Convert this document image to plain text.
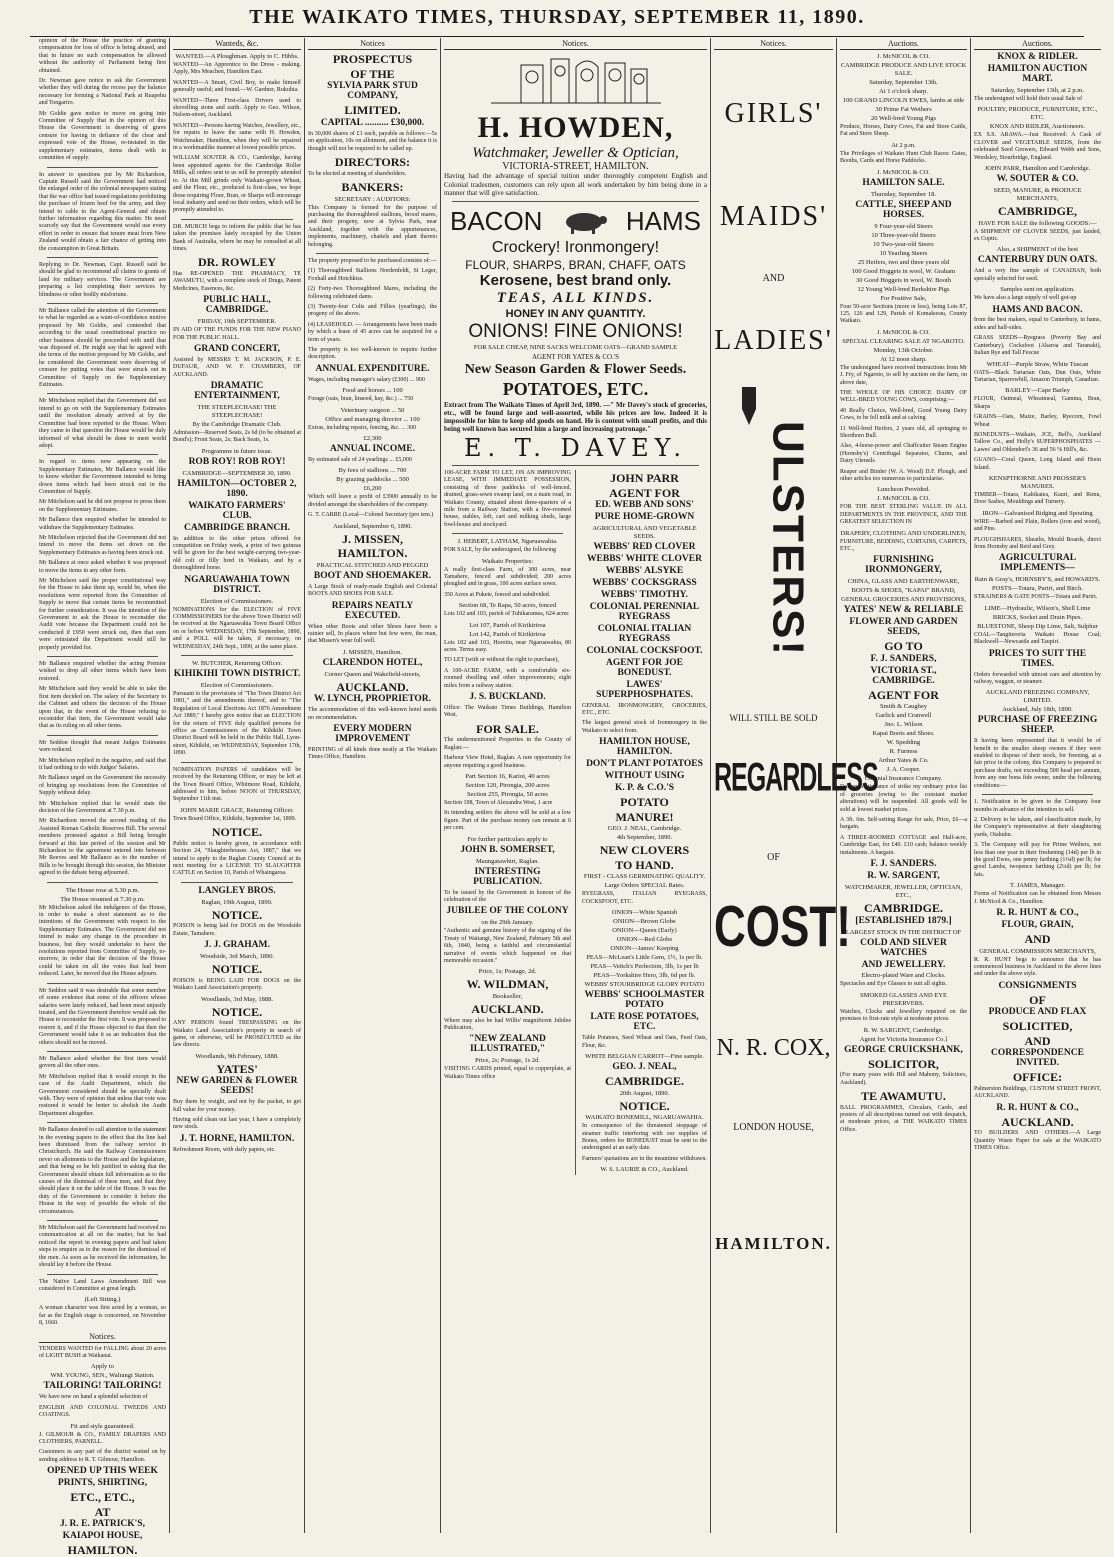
THE WAIKATO TIMES, THURSDAY, SEPTEMBER 11, 1890.

opinion of the House the practice of granting compensation for loss of office is being abused, and that in future no such compensation be allowed without the authority of Parliament being first obtained.

Dr. Newman gave notice to ask the Government whether they will during the recess pay the balance necessary for forming a National Park at Ruapehu and Tongariro.

Mr Goldie gave notice to move on going into Committee of Supply that in the opinion of this House the Government is deserving of grave censure for having in defiance of the clear and expressed vote of the House, re-instated in the supplementary estimates, items dealt with in committee of supply.

In answer to questions put by Mr Richardson, Captain Russell said the Government had noticed the enlarged order of the colonial newspapers stating that the war office had issued regulations prohibiting the purchase of frozen beef for the army, and they intend to cable to the Agent-General and obtain further information regarding this matter. He need scarcely say that the Government would use every effort in order to ensure that tenure meat from New Zealand would obtain a fair chance of getting into the consumption in Great Britain.

Replying to Dr. Newman, Capt. Russell said he should be glad to recommend all claims to grants of land for military services. The Government are preparing a list completing their services by blindness or other bodily misfortune.

Mr Ballance called the attention of the Government to what he regarded as a want-of-confidence motive proposed by Mr Goldie, and contended that according to the usual constitutional practice no other business should be proceeded with until that was disposed of. He might say that he agreed with the terms of the motion proposed by Mr Goldie, and he considered the Government were deserving of censure for putting votes that were struck out in Committee of Supply on the Supplementary Estimates.

Mr Mitchelson replied that the Government did not intend to go on with the Supplementary Estimates until the resolution already arrived at by the Committee had been reported to the House. When they came to that question the House would be duly informed of what should be done to meet world adopt.

In regard to items now appearing on the Supplementary Estimates, Mr Ballance would like to know whether the Government intended to bring down items which had been struck out in the Committee of Supply.

Mr Mitchelson said he did not propose to press them on the Supplementary Estimates.

Mr Ballance then enquired whether he intended to withdraw the Supplementary Estimates.

Mr Mitchelson rejected that the Government did not intend to move the items set down on the Supplementary Estimates as having been struck out.

Mr Ballance at once asked whether it was proposed to move the items in any other form.

Mr Mitchelson said the proper constitutional way for the House to take them up, would be, when the resolutions were reported from the Committee of Supply to move that certain items be recommitted for further consideration. It was the intention of the Government to ask the House to reconsider the Audit vote because the Department could not be conducted if £950 were struck out, then that sum were reinstated the Department would still be properly provided for.

Mr Ballance enquired whether the acting Premier wished to drop all other items which have been restored.

Mr Mitchelson said they would be able to take the first item decided on. The salary of the Secretary to the Cabinet and others the decision of the House upon that, in the event of the House refusing to reconsider that item, the Government would take that as its ruling on all other items.

Mr Seddon thought that meant Judges Estimates were reduced.

Mr Mitchelson replied in the negative, and said that it had nothing to do with Judges' Salaries.

Mr Ballance urged on the Government the necessity of bringing up resolutions from the Committee of Supply without delay.

Mr Mitchelson replied that he would state the decision of the Government at 7.30 p.m.

Mr Richardson moved the second reading of the Assisted Roman Catholic Reserves Bill. The several members protested against a Bill being brought forward at this late period of the session and Mr Richardson to the agreement entered into between Mr Reeves and Mr Ballance as to the number of Bills to be brought through this session, the Minister agreed to the debate being adjourned.

The House rose at 5.30 p.m.
The House resumed at 7.30 p.m.

Mr Mitchelson asked the indulgence of the House, in order to make a short statement as to the intentions of the Government with respect to the Supplementary Estimates. The Government did not intend to make any change in the procedure in business, but they would undertake to have the resolutions reported from Committee of Supply, to-morrow, in order that the decision of the House could be taken on all the votes that had been reduced. Later, he moved that the House adjourn.

Mr Seddon said it was desirable that some member of some evidence that some of the officers whose salaries were lately reduced, had been most unjustly treated, and the Government therefore would ask the House to reconsider the first vote. It was proposed to restore it, and if the House objected to that then the Government would take it as an indication that the others should not be moved.

Mr Ballance asked whether the first item would govern all the other ones.

Mr Mitchelson replied that it would except in the case of the Audit Department, which the Government considered should be specially dealt with. They were of opinion that unless that vote was restored it would be better to abolish the Audit Department altogether.

Mr Ballance desired to call attention to the statement in the evening papers to the effect that the line had been dismissed from the railway service in Christchurch. He said the Railway Commissioners never on allotments to the House and the legislature, and that being so he felt justified in asking that the Government should obtain full information as to the causes of the dismissal of these men, and that they should place it on the table of the House. It was the duty of the Government to consider it before the House in the way of possible the whole of the circumstances.

Mr Mitchelson said the Government had received no communication at all on the matter, but he had noticed the report in evening papers and had taken steps to enquire as to the reason for the dismissal of the men. As soon as he received the information, he should lay it before the House.

The Native Land Laws Amendment Bill was considered in Committee at great length.

(Left Sitting.)

A woman character was first acted by a woman, so far as the English stage is concerned, on November 8, 1660.

Notices.

TENDERS WANTED for FALLING about 20 acres of LIGHT BUSH at Waikanai.

Apply to
WM. YOUNG, SEN., Walrangi Station.
TAILORING! TAILORING!

We have now on hand a splendid selection of

ENGLISH AND COLONIAL TWEEDS AND COATINGS.

Fit and style guaranteed.

J. GILMOUR & CO., FAMILY DRAPERS AND CLOTHIERS, PARNELL.

Customers in any part of the district waited on by sending address to R. T. Gilmour, Hamilton.

OPENED UP THIS WEEK
PRINTS, SHIRTING,
ETC., ETC.,
AT
J. R. E. PATRICK'S,
KAIAPOI HOUSE,
HAMILTON.
Wanteds, &c.
WANTED.—A Ploughman. Apply to C. Hibbs.

WANTED—An Apprentice to the Dress - making. Apply, Mrs Meachen, Hamilton East.

WANTED—A Smart, Civil Boy, to make himself generally useful; and found.—W. Gardner, Rukuhia.

WANTED—Three First-class Drivers used to shovelling stone and earth. Apply to Geo. Wilson, Nelson-street, Auckland.

WANTED—Persons having Watches, Jewellery, etc., for repairs to leave the same with H. Howden, Watchmaker, Hamilton, when they will be repaired in a workmanlike manner at lowest possible prices.

WILLIAM SOUTER & CO., Cambridge, having been appointed agents for the Cambridge Roller Mills, all orders sent to us will be promptly attended to. At this Mill grinds only Waikato-grown Wheat, and the Flour, etc., produced is first-class, we hope those requiring Flour, Bran, or Sharps will encourage local industry and send on their orders, which will be promptly attended to.

DR. MURCH begs to inform the public that he has taken the premises lately occupied by the Union Bank of Australia, where he may be consulted at all times.

DR. ROWLEY

Has RE-OPENED THE PHARMACY, TE AWAMUTU, with a complete stock of Drugs, Patent Medicines, Essences, &c.

PUBLIC HALL, CAMBRIDGE.
FRIDAY, 19th SEPTEMBER.

IN AID OF THE FUNDS FOR THE NEW PIANO FOR THE PUBLIC HALL.

GRAND CONCERT,

Assisted by MESSRS T. M. JACKSON, P. E. DUFAUR, AND W. F. CHAMBERS, OF AUCKLAND.

DRAMATIC ENTERTAINMENT,
THE STEEPLECHASE! THE STEEPLECHASE!
By the Cambridge Dramatic Club.

Admission—Reserved Seats, 2s 6d (to be obtained at Bond's); Front Seats, 2s; Back Seats, 1s.

Programme in future issue.
ROB ROY! ROB ROY!
CAMBRIDGE—SEPTEMBER 30, 1890.
HAMILTON—OCTOBER 2, 1890.
WAIKATO FARMERS' CLUB.
CAMBRIDGE BRANCH.

In addition to the other prizes offered for competition on Friday week, a prize of two guineas will be given for the best weight-carrying two-year-old colt or filly bred in Waikato, and by a thoroughbred horse.

NGARUAWAHIA TOWN DISTRICT.
Election of Commissioners.

NOMINATIONS for the ELECTION of FIVE COMMISSIONERS for the above Town District will be received at the Ngaruawahia Town Board Office on or before WEDNESDAY, 17th September, 1890, and a POLL will be taken, if necessary, on WEDNESDAY, 24th Sept., 1890, at the same place.

W. BUTCHER, Returning Officer.
KIHIKIHI TOWN DISTRICT.
Election of Commissioners.

Pursuant to the provisions of "The Town District Act 1881," and the amendments thereof, and to "The Regulation of Local Elections Act 1876 Amendment Act 1889," I hereby give notice that an ELECTION for the return of FIVE duly qualified persons for office as Commissioners of the Kihikihi Town District Board will be held in the Public Hall, Lyon-street, Kihikihi, on WEDNESDAY, September 17th, 1890.

NOMINATION PAPERS of candidates will be received by the Returning Officer, or may be left at the Town Board Office, Whitmore Road, Kihikihi, addressed to him, before NOON of THURSDAY, September 11th inst.

JOHN MARIE GRACE, Returning Officer.

Town Board Office, Kihikihi, September 1st, 1890.

NOTICE.

Public notice is hereby given, in accordance with Section 24, "Slaughterhouses Act, 1887," that we intend to apply to the Raglan County Council at its next meeting for a LICENSE TO SLAUGHTER CATTLE on Section 10, Parish of Whaingaroa.

LANGLEY BROS.
Raglan, 19th August, 1890.
NOTICE.

POISON is being laid for DOGS on the Woodside Estate, Tamahere.

J. J. GRAHAM.
Woodside, 3rd March, 1890.
NOTICE.

POISON is BEING LAID FOR DOGS on the Waikato Land Association's property.

Woodlands, 3rd May, 1888.
NOTICE.

ANY PERSON found TRESPASSING on the Waikato Land Association's property in search of game, or otherwise, will be PROSECUTED as the law directs.

Woodlands, 9th February, 1888.
YATES'
NEW GARDEN & FLOWER SEEDS!

Buy them by weight, and not by the packet, to get full value for your money.

Having sold clean out last year, I have a completely new stock.

J. T. HORNE, HAMILTON.

Refreshment Room, with daily papers, etc.

Notices
PROSPECTUS
OF THE
SYLVIA PARK STUD COMPANY,
LIMITED.
CAPITAL .......... £30,000.

In 30,000 shares of £1 each, payable as follows:—5s on application, 10s on allotment, and the balance it is thought will not be required to be called up.

DIRECTORS:

To be elected at meeting of shareholders.

BANKERS:
SECRETARY : AUDITORS:

This Company is formed for the purpose of purchasing the thoroughbred stallions, brood mares, and their progeny, now at Sylvia Park, near Auckland, together with the appurtenances, implements, machinery, chattels and plant thereto belonging.

The property proposed to be purchased consists of:—

(1) Thoroughbred Stallions Nordenfeldt, St Leger, Foxhall and Hotchkiss.

(2) Forty-two Thoroughbred Mares, including the following celebrated dams.

(3) Twenty-four Colts and Fillies (yearlings), the progeny of the above.

(4) LEASEHOLD. — Arrangements have been made by which a lease of 45 acres can be acquired for a term of years.

The property is too well-known to require further description.

ANNUAL EXPENDITURE.

Wages, including manager's salary (£300) ... 900

Food and horses ... 100

Forage (oats, bran, linseed, hay, &c.) ... 750

Veterinary surgeon ... 50
Office and managing director ... 100

Extras, including repairs, fencing, &c. ... 300

£2,300
ANNUAL INCOME.

By estimated sale of 24 yearlings ... £5,000

By fees of stallions ... 700
By grazing paddocks ... 500
£6,200

Which will leave a profit of £3900 annually to be divided amongst the shareholders of the company.

G. T. CARRE (Local—Colonel Secretary (pro tem.)

Auckland, September 6, 1890.
J. MISSEN,
HAMILTON.
PRACTICAL STITCHED AND PEGGED
BOOT AND SHOEMAKER.

A Large Stock of ready-made English and Colonial BOOTS AND SHOES FOR SALE.

REPAIRS NEATLY EXECUTED.

When other Boots and other Shoes have been a rainier sell, In places where but few were, the man, that Missen's wear full well.

J. MISSEN, Hamilton.
CLARENDON HOTEL,
Corner Queen and Wakefield-streets,
AUCKLAND.
W. LYNCH, PROPRIETOR.

The accommodation of this well-known hotel needs no recommendation.

EVERY MODERN IMPROVEMENT

PRINTING of all kinds done neatly at The Waikato Times Office, Hamilton.

Notices.
H. HOWDEN,
Watchmaker, Jeweller & Optician,
VICTORIA-STREET, HAMILTON.

Having had the advantage of special tuition under thoroughly competent English and Colonial tradesmen, customers can rely upon all work undertaken by him being done in a manner that will give satisfaction.

BACON	HAMS
Crockery! Ironmongery!
FLOUR, SHARPS, BRAN, CHAFF, OATS
Kerosene, best brand only.
TEAS, ALL KINDS.
HONEY IN ANY QUANTITY.
ONIONS! FINE ONIONS!
FOR SALE CHEAP, NINE SACKS WELCOME OATS—GRAND SAMPLE
AGENT FOR YATES & CO.'S
New Season Garden & Flower Seeds.
POTATOES, ETC.

Extract from The Waikato Times of April 3rd, 1890. —" Mr Davey's stock of groceries, etc., will be found large and well-assorted, while his prices are low. Indeed it is impossible for him to keep old goods on hand. He is content with small profits, and this being well known has secured him a large and increasing patronage."

E. T. DAVEY.

100-ACRE FARM TO LET, ON AN IMPROVING LEASE, WITH IMMEDIATE POSSESSION, consisting of three paddocks of well-fenced, drained, grass-sown swamp land, on a main road, in Waikato County, situated about three-quarters of a mile from a Railway Station, with a five-roomed house, stables, loft, cart and milking sheds, large fowl-house and stockyard.

J. HEBERT, LATHAM, Ngaruawahia.

FOR SALE, by the undersigned, the following

Waikato Properties:

A really first-class Farm, of 300 acres, near Tamahere, fenced and subdivided; 200 acres ploughed and in grass, 100 acres surface sown.

350 Acres at Pukete, fenced and subdivided.

Section 68, Te Rapa, 50 acres, fenced

Lots 102 and 103, parish of Tuhikaramea, 624 acres

Lot 107, Parish of Kirikiriroa
Lot 142, Parish of Kirikiriroa

Lots 102 and 103, Horotiu, near Ngaruawahia, 80 acres. Terms easy.

TO LET (with or without the right to purchase),

A 100-ACRE FARM, with a comfortable six-roomed dwelling and other improvements; eight miles from a railway station.

J. S. BUCKLAND.

Office: The Waikato Times Buildings, Hamilton West.

FOR SALE.

The undermentioned Properties in the County of Raglan:—

Harbour View Hotel, Raglan. A rare opportunity for anyone requiring a good business.

Part Section 16, Karioi, 40 acres
Section 120, Pirongia, 200 acres
Section 255, Pirongia, 50 acres

Section 198, Town of Alexandra West, 1 acre

In intending settlers the above will be sold at a low figure. Part of the purchase money can remain at 6 per cent.

For further particulars apply to
JOHN B. SOMERSET,
Maungatawhiri, Raglan.
INTERESTING PUBLICATION.

To be issued by the Government in honour of the celebration of the

JUBILEE OF THE COLONY
on the 29th January.

"Authentic and genuine history of the signing of the Treaty of Waitangi, New Zealand, February 5th and 6th, 1840, being a faithful and circumstantial narrative of events which happened on that memorable occasion."

Price, 1s; Postage, 2d.
W. WILDMAN,
Bookseller,
AUCKLAND.

Where may also be had Willis' magnificent Jubilee Publication,

"NEW ZEALAND ILLUSTRATED,"
Price, 2s; Postage, 1s 2d.

VISITING CARDS printed, equal to copperplate, at Waikato Times office

JOHN PARR
AGENT FOR
ED. WEBB AND SONS'
PURE HOME-GROWN
AGRICULTURAL AND VEGETABLE SEEDS.
WEBBS' RED CLOVER
WEBBS' WHITE CLOVER
WEBBS' ALSYKE
WEBBS' COCKSGRASS
WEBBS' TIMOTHY.
COLONIAL PERENNIAL RYEGRASS
COLONIAL ITALIAN RYEGRASS
COLONIAL COCKSFOOT.
AGENT FOR JOE BONEDUST.
LAWES' SUPERPHOSPHATES.

GENERAL IRONMONGERY, GROCERIES, ETC., ETC.

The largest general stock of Ironmongery in the Waikato to select from.

HAMILTON HOUSE, HAMILTON.
DON'T PLANT POTATOES
WITHOUT USING
K. P. & C.O.'S
POTATO
MANURE!
GEO. J. NEAL, Cambridge.
4th September, 1890.
NEW CLOVERS
TO HAND.
FIRST - CLASS GERMINATING QUALITY.
Large Orders SPECIAL Rates.

RYEGRASS, ITALIAN RYEGRASS, COCKSFOOT, ETC.

ONION—White Spanish
ONION—Brown Globe
ONION—Queen (Early)
ONION—Red Globe
ONION—James' Keeping
PEAS—McLean's Little Gem, 1½, 1s per lb.
PEAS—Veitch's Perfection, 3lb, 1s per lb
PEAS—Yorkshire Hero, 3lb, 6d per lb.
WEBBS' STOURBRIDGE GLORY POTATO
WEBBS' SCHOOLMASTER POTATO
LATE ROSE POTATOES, ETC.

Table Potatoes, Seed Wheat and Oats, Feed Oats, Flour, &c.

WHITE BELGIAN CARROT—Fine sample.
GEO. J. NEAL,
CAMBRIDGE.
20th August, 1890.
NOTICE.
WAIKATO BONEMILL, NGARUAWAHIA.

In consequence of the threatened stoppage of steamer traffic interfering with our supplies of Bones, orders for BONEDUST must be sent to the undersigned at an early date.

Farmers' quotations are in the meantime withdrawn.

W. S. LAURIE & CO., Auckland.
Notices.
GIRLS'
MAIDS'
AND
LADIES'
ULSTERS!
WILL STILL BE SOLD
REGARDLESS
OF
COST!
N. R. COX,
LONDON HOUSE,
HAMILTON.
Auctions.
J. McNICOL & CO.
CAMBRIDGE PRODUCE AND LIVE STOCK SALE.
Saturday, September 13th.
At 1 o'clock sharp.
100 GRAND LINCOLN EWES, lambs at side
30 Prime Fat Wethers
20 Well-bred Young Pigs

Produce, Horses, Dairy Cows, Fat and Store Cattle, Fat and Store Sheep.

At 2 p.m.

The Privileges of Waikato Hunt Club Races: Gates, Booths, Cards and Horse Paddocks.

J. McNICOL & CO.
HAMILTON SALE.
Thursday, September 18.
CATTLE, SHEEP AND HORSES.
9 Four-year-old Steers
10 Three-year-old Steers
10 Two-year-old Steers
10 Yearling Steers
25 Heifers, two and three years old
100 Good Hoggets in wool, W. Graham
30 Good Hoggets in wool, W. Booth
12 Young Well-bred Berkshire Pigs
For Positive Sale,

Four 50-acre Sections (more or less), being Lots 87, 125, 126 and 129, Parish of Komakorau, County Waikato.

J. McNICOL & CO.
SPECIAL CLEARING SALE AT NGAROTO.
Monday, 13th October.
At 12 noon sharp.

The undersigned have received instructions from Mr J. Fry, of Ngaroto, to sell by auction on the farm, on above date,

THE WHOLE OF HIS CHOICE DAIRY OF WELL-BRED YOUNG COWS, comprising:—

40 Really Choice, Well-bred, Good Young Dairy Cows, to be fell milk and at calving

11 Well-bred Heifers, 2 years old, all springing to Shorthorn Bull.

Also, 4-horse-power and Chaffcutter Steam Engine (Hornsby's) Centrifugal Separator, Churns, and Dairy Utensils

Reaper and Binder (W. A. Wood) D.F. Plough, and other articles too numerous to particularise.

Luncheon Provided.
J. McNICOL & CO.

FOR THE BEST STERLING VALUE IN ALL DEPARTMENTS IN THE PROVINCE, AND THE GREATEST SELECTION IN

DRAPERY, CLOTHING AND UNDERLINEN,

FURNITURE, BEDDING, CURTAINS, CARPETS, ETC.,

FURNISHING IRONMONGERY,
CHINA, GLASS AND EARTHENWARE,
BOOTS & SHOES, "KAPAI" BRAND,
GENERAL GROCERIES AND PROVISIONS,
YATES' NEW & RELIABLE
FLOWER AND GARDEN SEEDS,
GO TO
F. J. SANDERS,
VICTORIA ST., CAMBRIDGE.
AGENT FOR
Smith & Caughey
Garlick and Cranwell
Jno. L. Wilson
Kapai Boots and Shoes.
W. Spedding
R. Furness
Arthur Yates & Co.
J. A. Cooper.
Colonial Insurance Company.

During continuance of strike my ordinary price list of groceries (owing to the constant market alterations) will be suspended. All goods will be sold at lowest market prices.

A 3ft. 6in. Self-setting Range for sale, Price, £6—a bargain.

A THREE-ROOMED COTTAGE and Half-acre, Cambridge East, for £40. £10 cash; balance weekly instalments. A bargain.

F. J. SANDERS.
R. W. SARGENT,
WATCHMAKER, JEWELLER, OPTICIAN, ETC.,
CAMBRIDGE.
[ESTABLISHED 1879.]
LARGEST STOCK IN THE DISTRICT OF
COLD AND SILVER WATCHES
AND JEWELLERY.
Electro-plated Ware and Clocks.

Spectacles and Eye Glasses to suit all sights.

SMOKED GLASSES AND EYE PRESERVERS.

Watches, Clocks and Jewellery repaired on the premises to first-rate style at moderate prices.

R. W. SARGENT, Cambridge.
Agent for Victoria Insurance Co.]
GEORGE CRUICKSHANK,
SOLICITOR,

(For many years with Hill and Mahony, Solicitors, Auckland).

TE AWAMUTU.

BALL PROGRAMMES, Circulars, Cards, and posters of all descriptions turned out with despatch, at moderate prices, at THE WAIKATO TIMES Office.

Auctions.
KNOX & RIDLER.
HAMILTON AUCTION MART.
Saturday, September 13th, at 2 p.m.

The undersigned will hold their usual Sale of

POULTRY, PRODUCE, FURNITURE, ETC., ETC.
KNOX AND RIDLER, Auctioneers.

EX S.S. ARAWA.—Just Received: A Cask of CLOVER and VEGETABLE SEEDS, from the celebrated Seed Growers, Edward Webb and Sons, Wordsley, Stourbridge, England.

JOHN PARR, Hamilton and Cambridge.
W. SOUTER & CO.
SEED, MANURE, & PRODUCE MERCHANTS,
CAMBRIDGE,
HAVE FOR SALE the following GOODS:—

A SHIPMENT OF CLOVER SEEDS, just landed, ex Coptic.

Also, a SHIPMENT of the best
CANTERBURY DUN OATS.

And a very fine sample of CANADIAN, both specially selected for seed.

Samples sent on application.

We have also a large supply of well got-up

HAMS AND BACON.

from the best makers, equal to Canterbury, in hams, sides and half-sides.

GRASS SEEDS—Ryegrass (Poverty Bay and Canterbury), Cocksfoot (Akaroa and Taranaki), Italian Rye and Tall Fescue

WHEAT—Purple Straw, White Tuscan

OATS—Black Tartarian Oats, Dun Oats, White Tartarian, Sparrowbill, Amazon Triumph, Canadian.

BARLEY—Cape Barley

FLOUR, Oatmeal, Wheatmeal, Gamma, Bran, Sharps

GRAINS—Oats, Maize, Barley, Ryecorn, Fowl Wheat

BONEDUSTS—Waikato, JCE, Bell's, Auckland Tallow Co., and Holly's SUPERPHOSPHATES — Lawes' and Ohlendorf's 36 and 56 % Hill's, &c.

GUANO—Coral Queen, Long Island and Huon Island.

KENSPTHORNE AND PROSSER'S MANURES.

TIMBER—Totara, Kahikatea, Kauri, and Rimu, Door Sashes, Mouldings and Turnery.

IRON—Galvanised Ridging and Spouting

WIRE—Barbed and Plain, Rollers (iron and wood), and Pins.

PLOUGHSHARES, Sheaths, Mould Boards, direct from Hornsby and Reid and Grey.

AGRICULTURAL IMPLEMENTS—
Rain & Gray's, HORNSBY'S, and HOWARD'S.
POSTS—Totara, Puriri, and Birch.

STRAINERS & GATE POSTS—Totara and Puriri.

LIME—Hydraulic, Wilson's, Shell Lime
BRICKS, Socket and Drain Pipes.
BLUESTONE, Sheep Dip Lime, Salt, Sulphur

COAL—Tangiteroria Waikato House Coal; Blackwell—Newcastle and Taupiri.

PRICES TO SUIT THE TIMES.

Orders forwarded with utmost care and attention by railway, waggon, or steamer.

AUCKLAND FREEZING COMPANY, LIMITED.
Auckland, July 18th, 1890.
PURCHASE OF FREEZING SHEEP.

It having been represented that it would be of benefit to the smaller sheep owners if they were enabled to dispose of their stock, for freezing, at a fair price in the colony, this Company is prepared to purchase drafts, not exceeding 500 head per annum, from any one bona fide owner, under the following conditions:—

1. Notification to be given to the Company four months in advance of the intention to sell.

2. Delivery to be taken, and classification made, by the Company's representative at their slaughtering yards, Otahuhu.

3. The Company will pay for Prime Wethers, not less than one year in their freshening (14d) per lb in the good Ewes, one penny farthing (1¼d) per lb; for good Lambs, twopence farthing (2¼d) per lb; for fats.

T. JAMES, Manager.

Forms of Notification can be obtained from Messrs J. McNicol & Co., Hamilton.

R. R. HUNT & CO.,
FLOUR, GRAIN,
AND
GENERAL COMMISSION MERCHANTS,

R. R. HUNT begs to announce that he has commenced business in Auckland in the above lines and under the above style.

CONSIGNMENTS
OF
PRODUCE AND FLAX
SOLICITED,
AND
CORRESPONDENCE INVITED.
OFFICE:

Palmerston Buildings, CUSTOM STREET FRONT, AUCKLAND.

R. R. HUNT & CO.,
AUCKLAND.

TO BUILDERS AND OTHERS.—A Large Quantity Waste Paper for sale at the WAIKATO TIMES Office.
